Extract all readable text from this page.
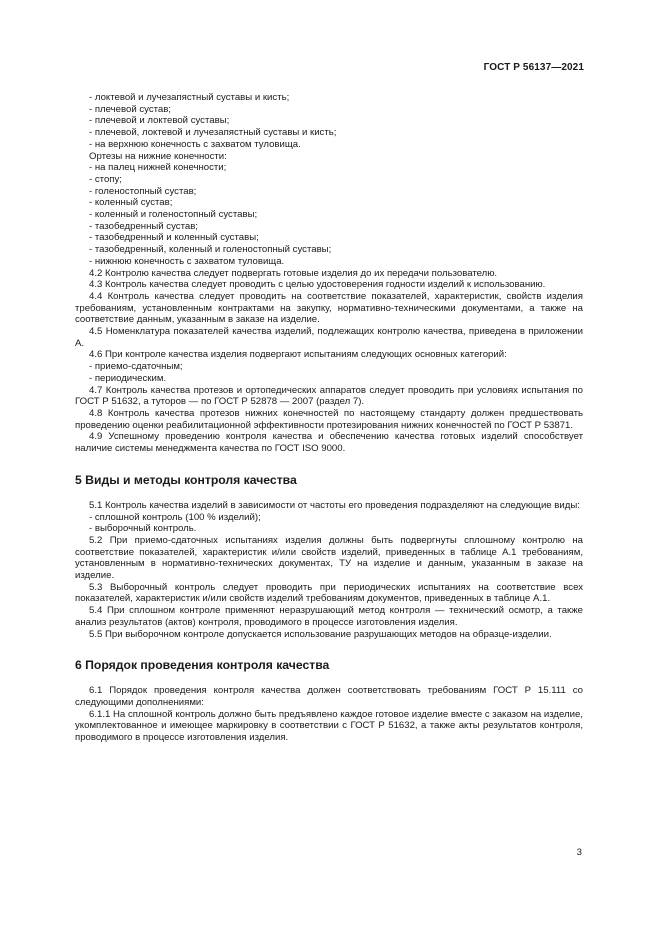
ГОСТ Р 56137—2021

- локтевой и лучезапястный суставы и кисть;

- плечевой сустав;

- плечевой и локтевой суставы;

- плечевой, локтевой и лучезапястный суставы и кисть;

- на верхнюю конечность с захватом туловища.

Ортезы на нижние конечности:

- на палец нижней конечности;

- стопу;

- голеностопный сустав;

- коленный сустав;

- коленный и голеностопный суставы;

- тазобедренный сустав;

- тазобедренный и коленный суставы;

- тазобедренный, коленный и голеностопный суставы;

- нижнюю конечность с захватом туловища.

4.2 Контролю качества следует подвергать готовые изделия до их передачи пользователю.

4.3 Контроль качества следует проводить с целью удостоверения годности изделий к использованию.

4.4 Контроль качества следует проводить на соответствие показателей, характеристик, свойств изделия требованиям, установленным контрактами на закупку, нормативно-техническими документами, а также на соответствие данным, указанным в заказе на изделие.

4.5 Номенклатура показателей качества изделий, подлежащих контролю качества, приведена в приложении А.

4.6 При контроле качества изделия подвергают испытаниям следующих основных категорий:

- приемо-сдаточным;

- периодическим.

4.7 Контроль качества протезов и ортопедических аппаратов следует проводить при условиях испытания по ГОСТ Р 51632, а туторов — по ГОСТ Р 52878 — 2007 (раздел 7).

4.8 Контроль качества протезов нижних конечностей по настоящему стандарту должен предшествовать проведению оценки реабилитационной эффективности протезирования нижних конечностей по ГОСТ Р 53871.

4.9 Успешному проведению контроля качества и обеспечению качества готовых изделий способствует наличие системы менеджмента качества по ГОСТ ISO 9000.

5 Виды и методы контроля качества

5.1 Контроль качества изделий в зависимости от частоты его проведения подразделяют на следующие виды:

- сплошной контроль (100 % изделий);

- выборочный контроль.

5.2 При приемо-сдаточных испытаниях изделия должны быть подвергнуты сплошному контролю на соответствие показателей, характеристик и/или свойств изделий, приведенных в таблице А.1 требованиям, установленным в нормативно-технических документах, ТУ на изделие и данным, указанным в заказе на изделие.

5.3 Выборочный контроль следует проводить при периодических испытаниях на соответствие всех показателей, характеристик и/или свойств изделий требованиям документов, приведенных в таблице А.1.

5.4 При сплошном контроле применяют неразрушающий метод контроля — технический осмотр, а также анализ результатов (актов) контроля, проводимого в процессе изготовления изделия.

5.5 При выборочном контроле допускается использование разрушающих методов на образце-изделии.

6 Порядок проведения контроля качества

6.1 Порядок проведения контроля качества должен соответствовать требованиям ГОСТ Р 15.111 со следующими дополнениями:

6.1.1 На сплошной контроль должно быть предъявлено каждое готовое изделие вместе с заказом на изделие, укомплектованное и имеющее маркировку в соответствии с ГОСТ Р 51632, а также акты результатов контроля, проводимого в процессе изготовления изделия.

3
